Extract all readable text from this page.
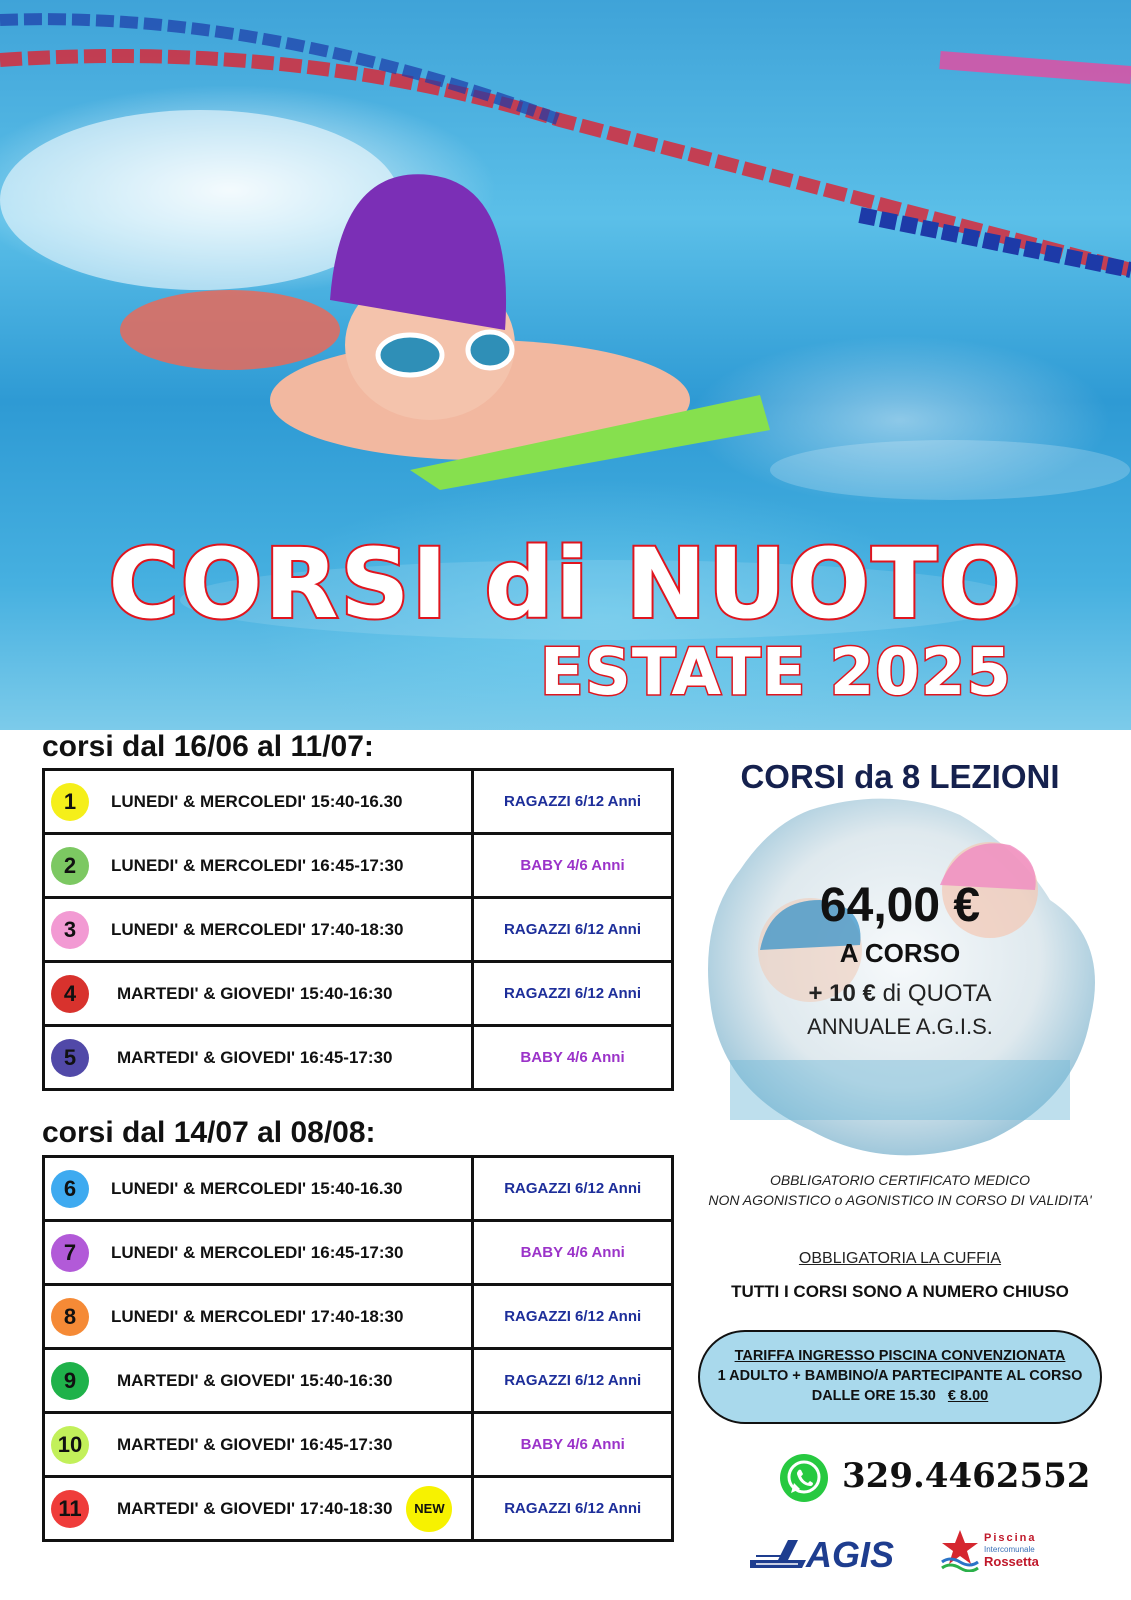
CORSI di NUOTO
ESTATE 2025
corsi dal 16/06 al 11/07:
1 LUNEDI' & MERCOLEDI' 15:40-16.30	RAGAZZI 6/12 Anni

2 LUNEDI' & MERCOLEDI' 16:45-17:30	BABY 4/6 Anni

3 LUNEDI' & MERCOLEDI' 17:40-18:30	RAGAZZI 6/12 Anni

4 MARTEDI' & GIOVEDI' 15:40-16:30	RAGAZZI 6/12 Anni

5 MARTEDI' & GIOVEDI' 16:45-17:30	BABY 4/6 Anni
corsi dal 14/07 al 08/08:
6 LUNEDI' & MERCOLEDI' 15:40-16.30	RAGAZZI 6/12 Anni

7 LUNEDI' & MERCOLEDI' 16:45-17:30	BABY 4/6 Anni

8 LUNEDI' & MERCOLEDI' 17:40-18:30	RAGAZZI 6/12 Anni

9 MARTEDI' & GIOVEDI' 15:40-16:30	RAGAZZI 6/12 Anni

10 MARTEDI' & GIOVEDI' 16:45-17:30	BABY 4/6 Anni

11 MARTEDI' & GIOVEDI' 17:40-18:30 NEW	RAGAZZI 6/12 Anni
CORSI da 8 LEZIONI
64,00 €
A CORSO
+ 10 € di QUOTA
ANNUALE A.G.I.S.
OBBLIGATORIO CERTIFICATO MEDICO
NON AGONISTICO o AGONISTICO IN CORSO DI VALIDITA'
OBBLIGATORIA LA CUFFIA
TUTTI I CORSI SONO A NUMERO CHIUSO
TARIFFA INGRESSO PISCINA CONVENZIONATA
1 ADULTO + BAMBINO/A PARTECIPANTE AL CORSO
DALLE ORE 15.30 € 8.00
329.4462552
AGIS	Piscina
Intercomunale
Rossetta
